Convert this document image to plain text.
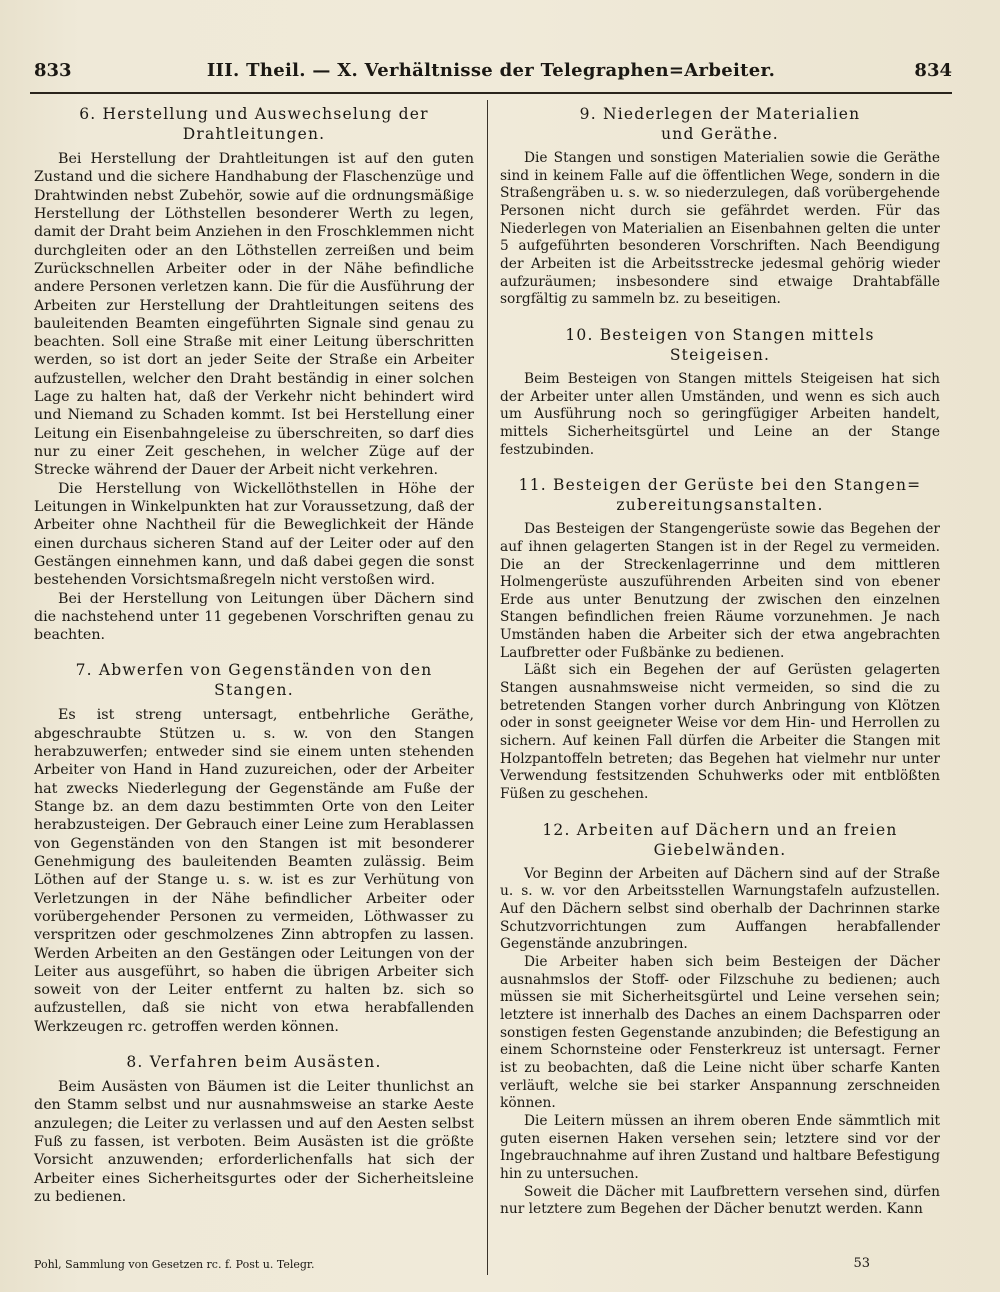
833	III. Theil. — X. Verhältnisse der Telegraphen=Arbeiter.	834
6. Herstellung und Auswechselung der
Drahtleitungen.

Bei Herstellung der Drahtleitungen ist auf den guten Zustand und die sichere Handhabung der Flaschenzüge und Drahtwinden nebst Zubehör, sowie auf die ordnungsmäßige Herstellung der Löthstellen besonderer Werth zu legen, damit der Draht beim Anziehen in den Froschklemmen nicht durchgleiten oder an den Löthstellen zerreißen und beim Zurückschnellen Arbeiter oder in der Nähe befindliche andere Personen verletzen kann. Die für die Ausführung der Arbeiten zur Herstellung der Drahtleitungen seitens des bauleitenden Beamten eingeführten Signale sind genau zu beachten. Soll eine Straße mit einer Leitung überschritten werden, so ist dort an jeder Seite der Straße ein Arbeiter aufzustellen, welcher den Draht beständig in einer solchen Lage zu halten hat, daß der Verkehr nicht behindert wird und Niemand zu Schaden kommt. Ist bei Herstellung einer Leitung ein Eisenbahngeleise zu überschreiten, so darf dies nur zu einer Zeit geschehen, in welcher Züge auf der Strecke während der Dauer der Arbeit nicht verkehren.

Die Herstellung von Wickellöthstellen in Höhe der Leitungen in Winkelpunkten hat zur Voraussetzung, daß der Arbeiter ohne Nachtheil für die Beweglichkeit der Hände einen durchaus sicheren Stand auf der Leiter oder auf den Gestängen einnehmen kann, und daß dabei gegen die sonst bestehenden Vorsichtsmaßregeln nicht verstoßen wird.

Bei der Herstellung von Leitungen über Dächern sind die nachstehend unter 11 gegebenen Vorschriften genau zu beachten.

7. Abwerfen von Gegenständen von den
Stangen.

Es ist streng untersagt, entbehrliche Geräthe, abgeschraubte Stützen u. s. w. von den Stangen herabzuwerfen; entweder sind sie einem unten stehenden Arbeiter von Hand in Hand zuzureichen, oder der Arbeiter hat zwecks Niederlegung der Gegenstände am Fuße der Stange bz. an dem dazu bestimmten Orte von den Leiter herabzusteigen. Der Gebrauch einer Leine zum Herablassen von Gegenständen von den Stangen ist mit besonderer Genehmigung des bauleitenden Beamten zulässig. Beim Löthen auf der Stange u. s. w. ist es zur Verhütung von Verletzungen in der Nähe befindlicher Arbeiter oder vorübergehender Personen zu vermeiden, Löthwasser zu verspritzen oder geschmolzenes Zinn abtropfen zu lassen. Werden Arbeiten an den Gestängen oder Leitungen von der Leiter aus ausgeführt, so haben die übrigen Arbeiter sich soweit von der Leiter entfernt zu halten bz. sich so aufzustellen, daß sie nicht von etwa herabfallenden Werkzeugen rc. getroffen werden können.

8. Verfahren beim Ausästen.

Beim Ausästen von Bäumen ist die Leiter thunlichst an den Stamm selbst und nur ausnahmsweise an starke Aeste anzulegen; die Leiter zu verlassen und auf den Aesten selbst Fuß zu fassen, ist verboten. Beim Ausästen ist die größte Vorsicht anzuwenden; erforderlichenfalls hat sich der Arbeiter eines Sicherheitsgurtes oder der Sicherheitsleine zu bedienen.

9. Niederlegen der Materialien
und Geräthe.

Die Stangen und sonstigen Materialien sowie die Geräthe sind in keinem Falle auf die öffentlichen Wege, sondern in die Straßengräben u. s. w. so niederzulegen, daß vorübergehende Personen nicht durch sie gefährdet werden. Für das Niederlegen von Materialien an Eisenbahnen gelten die unter 5 aufgeführten besonderen Vorschriften. Nach Beendigung der Arbeiten ist die Arbeitsstrecke jedesmal gehörig wieder aufzuräumen; insbesondere sind etwaige Drahtabfälle sorgfältig zu sammeln bz. zu beseitigen.

10. Besteigen von Stangen mittels
Steigeisen.

Beim Besteigen von Stangen mittels Steigeisen hat sich der Arbeiter unter allen Umständen, und wenn es sich auch um Ausführung noch so geringfügiger Arbeiten handelt, mittels Sicherheitsgürtel und Leine an der Stange festzubinden.

11. Besteigen der Gerüste bei den Stangen=
zubereitungsanstalten.

Das Besteigen der Stangengerüste sowie das Begehen der auf ihnen gelagerten Stangen ist in der Regel zu vermeiden. Die an der Streckenlagerrinne und dem mittleren Holmengerüste auszuführenden Arbeiten sind von ebener Erde aus unter Benutzung der zwischen den einzelnen Stangen befindlichen freien Räume vorzunehmen. Je nach Umständen haben die Arbeiter sich der etwa angebrachten Laufbretter oder Fußbänke zu bedienen.

Läßt sich ein Begehen der auf Gerüsten gelagerten Stangen ausnahmsweise nicht vermeiden, so sind die zu betretenden Stangen vorher durch Anbringung von Klötzen oder in sonst geeigneter Weise vor dem Hin- und Herrollen zu sichern. Auf keinen Fall dürfen die Arbeiter die Stangen mit Holzpantoffeln betreten; das Begehen hat vielmehr nur unter Verwendung festsitzenden Schuhwerks oder mit entblößten Füßen zu geschehen.

12. Arbeiten auf Dächern und an freien
Giebelwänden.

Vor Beginn der Arbeiten auf Dächern sind auf der Straße u. s. w. vor den Arbeitsstellen Warnungstafeln aufzustellen. Auf den Dächern selbst sind oberhalb der Dachrinnen starke Schutzvorrichtungen zum Auffangen herabfallender Gegenstände anzubringen.

Die Arbeiter haben sich beim Besteigen der Dächer ausnahmslos der Stoff- oder Filzschuhe zu bedienen; auch müssen sie mit Sicherheitsgürtel und Leine versehen sein; letztere ist innerhalb des Daches an einem Dachsparren oder sonstigen festen Gegenstande anzubinden; die Befestigung an einem Schornsteine oder Fensterkreuz ist untersagt. Ferner ist zu beobachten, daß die Leine nicht über scharfe Kanten verläuft, welche sie bei starker Anspannung zerschneiden können.

Die Leitern müssen an ihrem oberen Ende sämmtlich mit guten eisernen Haken versehen sein; letztere sind vor der Ingebrauchnahme auf ihren Zustand und haltbare Befestigung hin zu untersuchen.

Soweit die Dächer mit Laufbrettern versehen sind, dürfen nur letztere zum Begehen der Dächer benutzt werden. Kann

Pohl, Sammlung von Gesetzen rc. f. Post u. Telegr.	53
